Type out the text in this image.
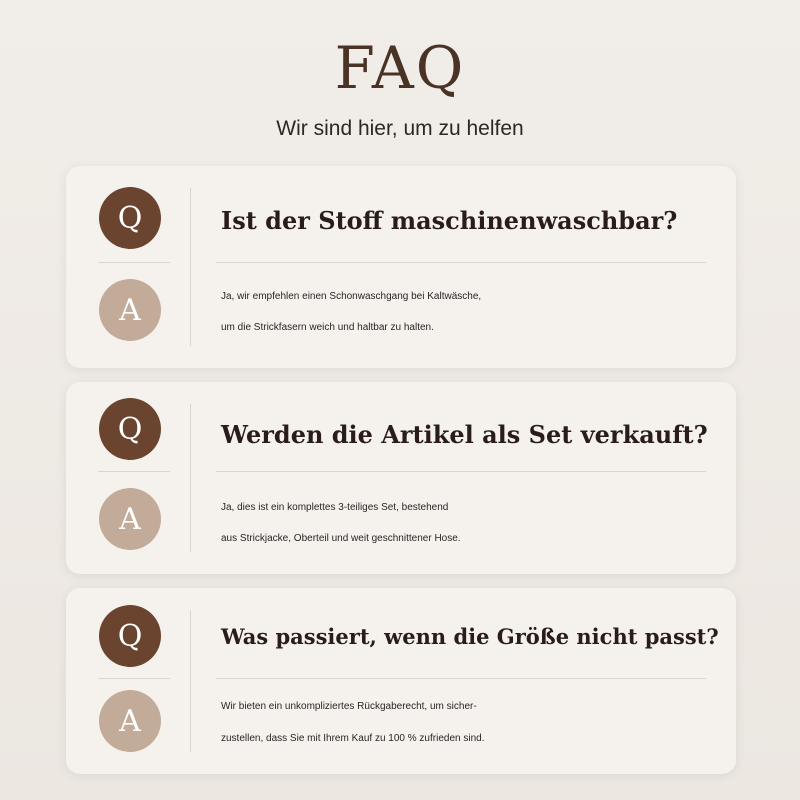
FAQ
Wir sind hier, um zu helfen
Q	Ist der Stoff maschinenwaschbar?
A	Ja, wir empfehlen einen Schonwaschgang bei Kaltwäsche,
um die Strickfasern weich und haltbar zu halten.
Q	Werden die Artikel als Set verkauft?
A	Ja, dies ist ein komplettes 3-teiliges Set, bestehend
aus Strickjacke, Oberteil und weit geschnittener Hose.
Q	Was passiert, wenn die Größe nicht passt?
A	Wir bieten ein unkompliziertes Rückgaberecht, um sicher-
zustellen, dass Sie mit Ihrem Kauf zu 100 % zufrieden sind.
